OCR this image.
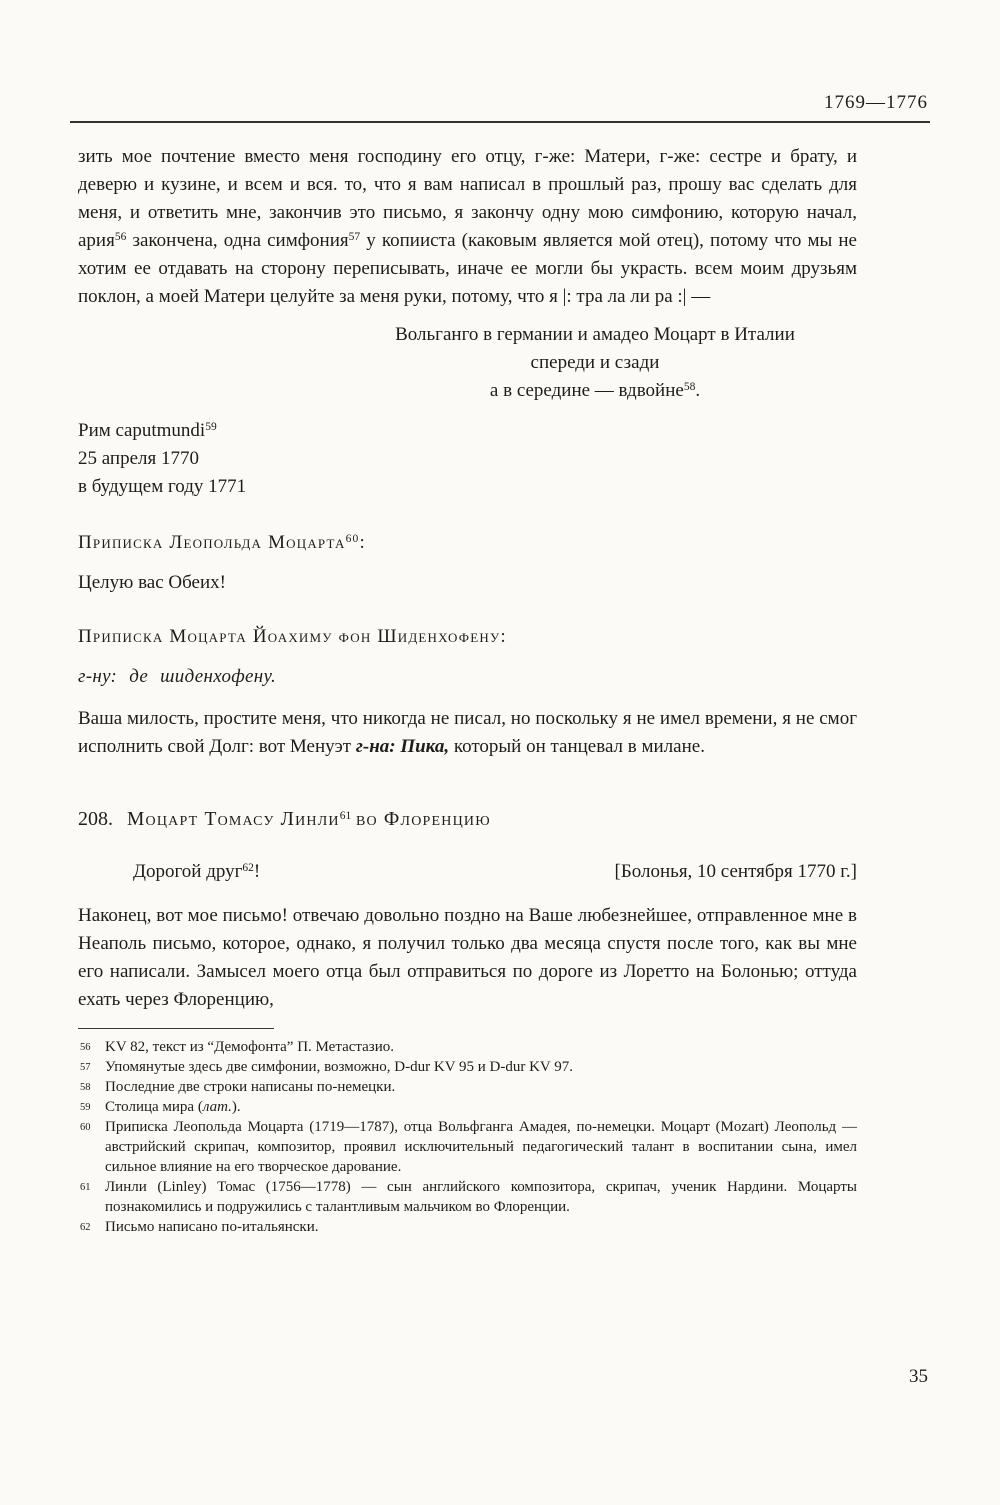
1769—1776

зить мое почтение вместо меня господину его отцу, г-же: Матери, г-же: сестре и брату, и деверю и кузине, и всем и вся. то, что я вам написал в прошлый раз, прошу вас сделать для меня, и ответить мне, закончив это письмо, я закончу одну мою симфонию, которую начал, ария$^{56}$ закончена, одна симфония$^{57}$ у копииста (каковым является мой отец), потому что мы не хотим ее отдавать на сторону переписывать, иначе ее могли бы украсть. всем моим друзьям поклон, а моей Матери целуйте за меня руки, потому, что я |: тра ла ли ра :| —

Вольганго в германии и амадео Моцарт в Италии
спереди и сзади
а в середине — вдвойне$^{58}$.
Рим caputmundi$^{59}$
25 апреля 1770
в будущем году 1771
Приписка Леопольда Моцарта$^{60}$:

Целую вас Обеих!

Приписка Моцарта Йоахиму фон Шиденхофену:

г-ну: де шиденхофену.

Ваша милость, простите меня, что никогда не писал, но поскольку я не имел времени, я не смог исполнить свой Долг: вот Менуэт г-на: Пика, который он танцевал в милане.

208. Моцарт Томасу Линли$^{61}$ во Флоренцию
Дорогой друг$^{62}$!	[Болонья, 10 сентября 1770 г.]

Наконец, вот мое письмо! отвечаю довольно поздно на Ваше любезнейшее, отправленное мне в Неаполь письмо, которое, однако, я получил только два месяца спустя после того, как вы мне его написали. Замысел моего отца был отправиться по дороге из Лоретто на Болонью; оттуда ехать через Флоренцию,

56 KV 82, текст из “Демофонта” П. Метастазио.
57 Упомянутые здесь две симфонии, возможно, D-dur KV 95 и D-dur KV 97.
58 Последние две строки написаны по-немецки.
59 Столица мира (лат.).
60 Приписка Леопольда Моцарта (1719—1787), отца Вольфганга Амадея, по-немецки. Моцарт (Mozart) Леопольд — австрийский скрипач, композитор, проявил исключительный педагогический талант в воспитании сына, имел сильное влияние на его творческое дарование.
61 Линли (Linley) Томас (1756—1778) — сын английского композитора, скрипач, ученик Нардини. Моцарты познакомились и подружились с талантливым мальчиком во Флоренции.
62 Письмо написано по-итальянски.
35
